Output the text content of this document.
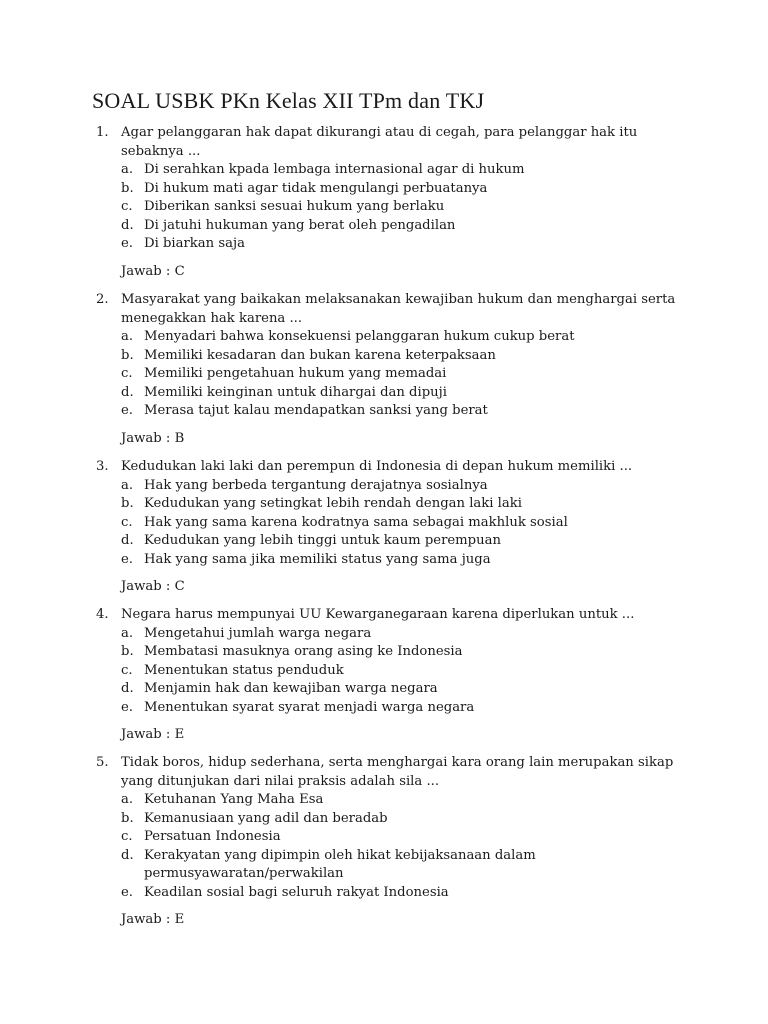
SOAL USBK PKn Kelas XII TPm dan TKJ
1. Agar pelanggaran hak dapat dikurangi atau di cegah, para pelanggar hak itu sebaknya ...
a. Di serahkan kpada lembaga internasional agar di hukum
b. Di hukum mati agar tidak mengulangi perbuatanya
c. Diberikan sanksi sesuai hukum yang berlaku
d. Di jatuhi hukuman yang berat oleh pengadilan
e. Di biarkan saja
Jawab : C
2. Masyarakat yang baikakan melaksanakan kewajiban hukum dan menghargai serta menegakkan hak karena ...
a. Menyadari bahwa konsekuensi pelanggaran hukum cukup berat
b. Memiliki kesadaran dan bukan karena keterpaksaan
c. Memiliki pengetahuan hukum yang memadai
d. Memiliki keinginan untuk dihargai dan dipuji
e. Merasa tajut kalau mendapatkan sanksi yang berat
Jawab : B
3. Kedudukan laki laki dan perempun di Indonesia di depan hukum memiliki ...
a. Hak yang berbeda tergantung derajatnya sosialnya
b. Kedudukan yang setingkat lebih rendah dengan laki laki
c. Hak yang sama karena kodratnya sama sebagai makhluk sosial
d. Kedudukan yang lebih tinggi untuk kaum perempuan
e. Hak yang sama jika memiliki status yang sama juga
Jawab : C
4. Negara harus mempunyai UU Kewarganegaraan karena diperlukan untuk ...
a. Mengetahui jumlah warga negara
b. Membatasi masuknya orang asing ke Indonesia
c. Menentukan status penduduk
d. Menjamin hak dan kewajiban warga negara
e. Menentukan syarat syarat menjadi warga negara
Jawab : E
5. Tidak boros, hidup sederhana, serta menghargai kara orang lain merupakan sikap yang ditunjukan dari nilai praksis adalah sila ...
a. Ketuhanan Yang Maha Esa
b. Kemanusiaan yang adil dan beradab
c. Persatuan Indonesia
d. Kerakyatan yang dipimpin oleh hikat kebijaksanaan dalam permusyawaratan/perwakilan
e. Keadilan sosial bagi seluruh rakyat Indonesia
Jawab : E
